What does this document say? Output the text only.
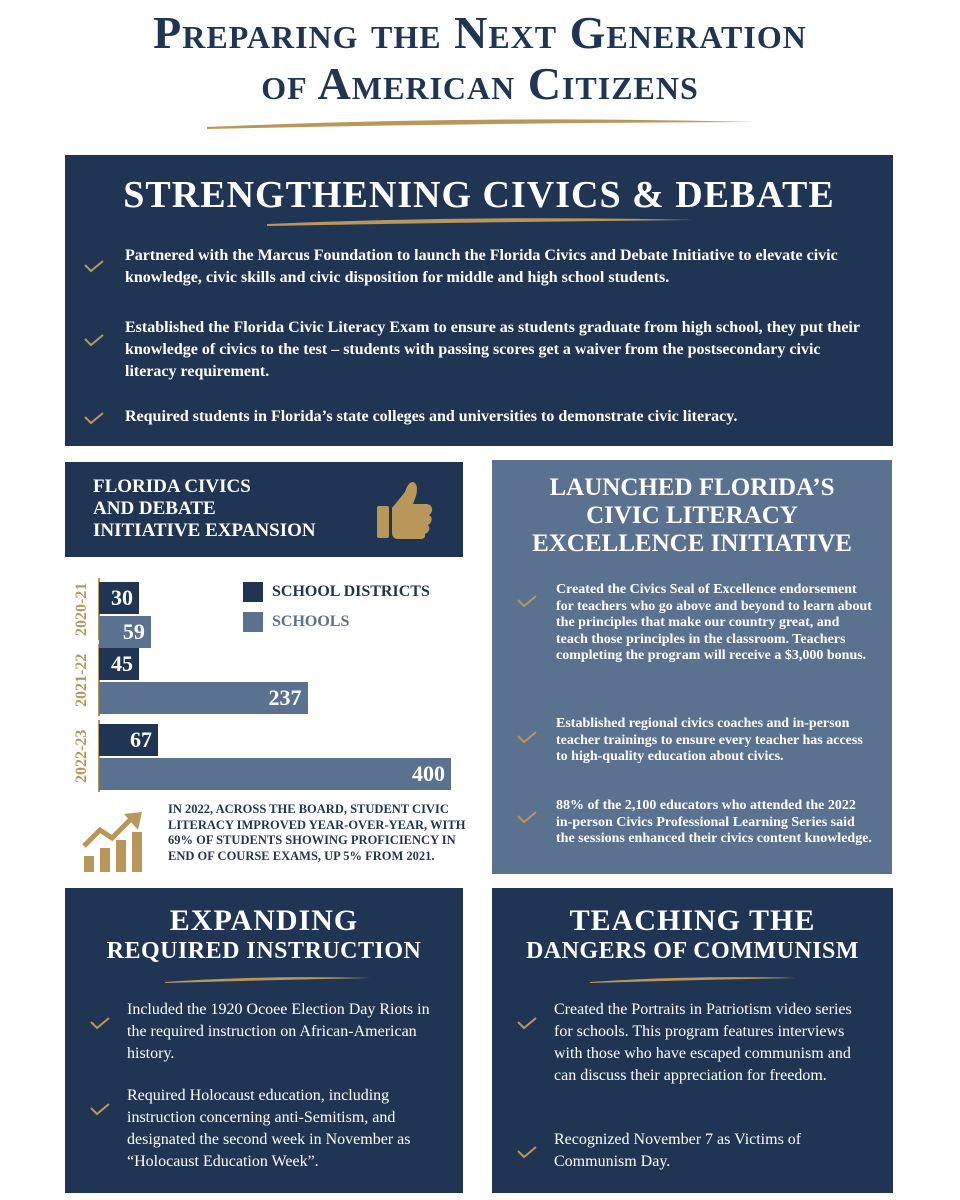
Preparing the Next Generation
of American Citizens
STRENGTHENING CIVICS & DEBATE
Partnered with the Marcus Foundation to launch the Florida Civics and Debate Initiative to elevate civic knowledge, civic skills and civic disposition for middle and high school students.
Established the Florida Civic Literacy Exam to ensure as students graduate from high school, they put their knowledge of civics to the test – students with passing scores get a waiver from the postsecondary civic literacy requirement.
Required students in Florida’s state colleges and universities to demonstrate civic literacy.
FLORIDA CIVICS
AND DEBATE
INITIATIVE EXPANSION
SCHOOL DISTRICTS
SCHOOLS
2020-21 30
59
2021-22 45
237
2022-23 67
400
IN 2022, ACROSS THE BOARD, STUDENT CIVIC LITERACY IMPROVED YEAR-OVER-YEAR, WITH 69% OF STUDENTS SHOWING PROFICIENCY IN END OF COURSE EXAMS, UP 5% FROM 2021.
LAUNCHED FLORIDA’S
CIVIC LITERACY
EXCELLENCE INITIATIVE
Created the Civics Seal of Excellence endorsement for teachers who go above and beyond to learn about the principles that make our country great, and teach those principles in the classroom. Teachers completing the program will receive a $3,000 bonus.
Established regional civics coaches and in-person teacher trainings to ensure every teacher has access to high-quality education about civics.
88% of the 2,100 educators who attended the 2022 in-person Civics Professional Learning Series said the sessions enhanced their civics content knowledge.
EXPANDING
REQUIRED INSTRUCTION
Included the 1920 Ocoee Election Day Riots in the required instruction on African-American history.
Required Holocaust education, including instruction concerning anti-Semitism, and designated the second week in November as “Holocaust Education Week”.
TEACHING THE
DANGERS OF COMMUNISM
Created the Portraits in Patriotism video series for schools. This program features interviews with those who have escaped communism and can discuss their appreciation for freedom.
Recognized November 7 as Victims of Communism Day.
